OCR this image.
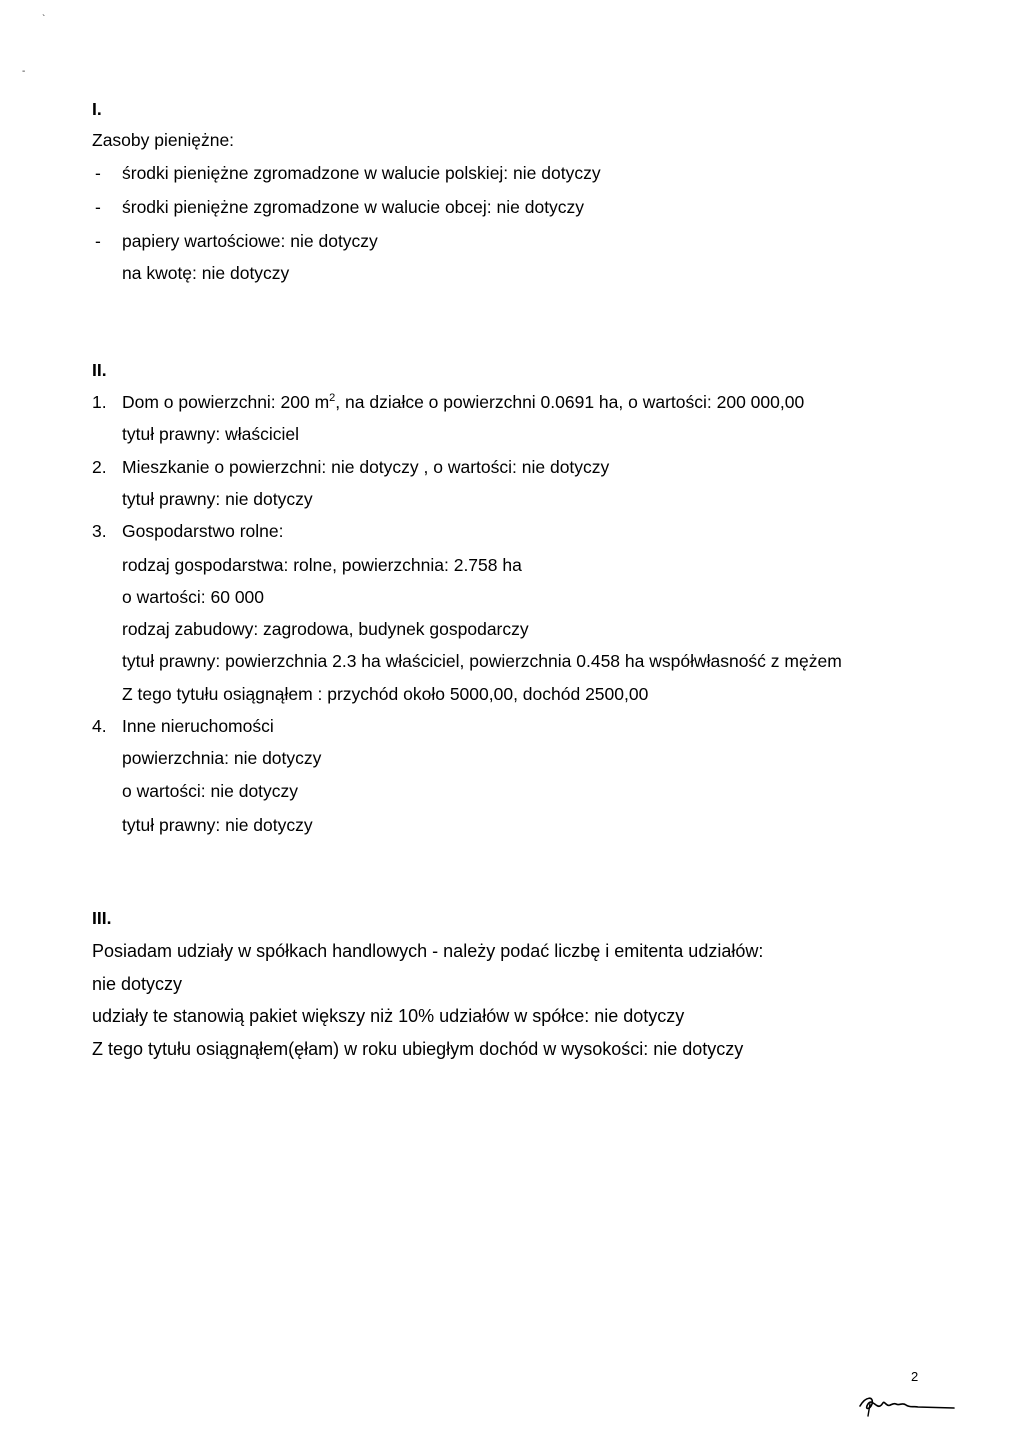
`
-
I.
Zasoby pieniężne:
- środki pieniężne zgromadzone w walucie polskiej: nie dotyczy
- środki pieniężne zgromadzone w walucie obcej: nie dotyczy
- papiery wartościowe: nie dotyczy
na kwotę: nie dotyczy
II.
1. Dom o powierzchni: 200 $m^2$, na działce o powierzchni 0.0691 ha, o wartości: 200 000,00
tytuł prawny: właściciel
2. Mieszkanie o powierzchni: nie dotyczy , o wartości: nie dotyczy
tytuł prawny: nie dotyczy
3. Gospodarstwo rolne:
rodzaj gospodarstwa: rolne, powierzchnia: 2.758 ha
o wartości: 60 000
rodzaj zabudowy: zagrodowa, budynek gospodarczy
tytuł prawny: powierzchnia 2.3 ha właściciel, powierzchnia 0.458 ha współwłasność z mężem
Z tego tytułu osiągnąłem : przychód około 5000,00, dochód 2500,00
4. Inne nieruchomości
powierzchnia: nie dotyczy
o wartości: nie dotyczy
tytuł prawny: nie dotyczy
III.
Posiadam udziały w spółkach handlowych - należy podać liczbę i emitenta udziałów:
nie dotyczy
udziały te stanowią pakiet większy niż 10% udziałów w spółce: nie dotyczy
Z tego tytułu osiągnąłem(ęłam) w roku ubiegłym dochód w wysokości: nie dotyczy
2
